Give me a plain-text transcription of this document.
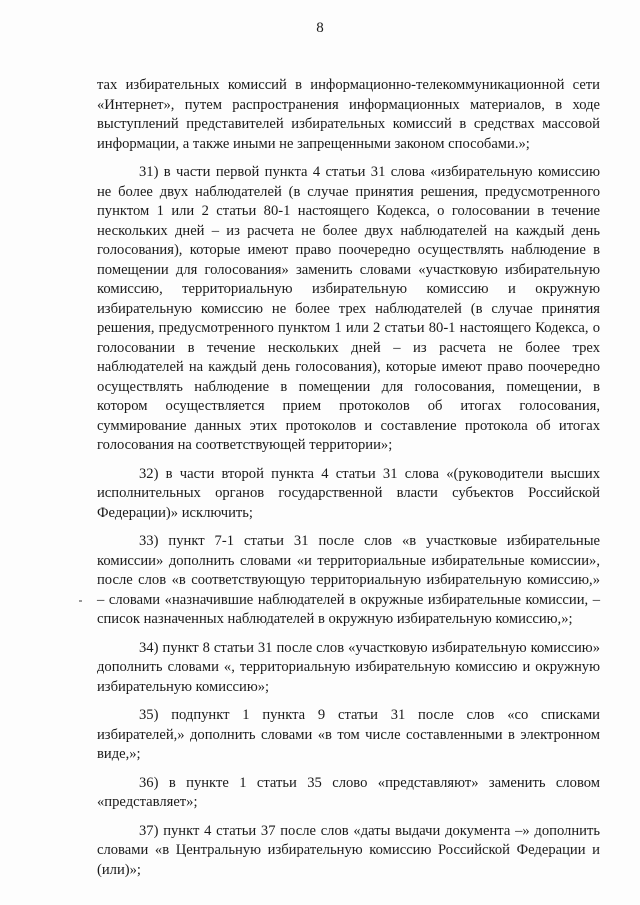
8

тах избирательных комиссий в информационно-телекоммуникационной сети «Интернет», путем распространения информационных материалов, в ходе выступлений представителей избирательных комиссий в средствах массовой информации, а также иными не запрещенными законом способами.»;

31) в части первой пункта 4 статьи 31 слова «избирательную комиссию не более двух наблюдателей (в случае принятия решения, предусмотренного пунктом 1 или 2 статьи 80-1 настоящего Кодекса, о голосовании в течение нескольких дней – из расчета не более двух наблюдателей на каждый день голосования), которые имеют право поочередно осуществлять наблюдение в помещении для голосования» заменить словами «участковую избирательную комиссию, территориальную избирательную комиссию и окружную избирательную комиссию не более трех наблюдателей (в случае принятия решения, предусмотренного пунктом 1 или 2 статьи 80-1 настоящего Кодекса, о голосовании в течение нескольких дней – из расчета не более трех наблюдателей на каждый день голосования), которые имеют право поочередно осуществлять наблюдение в помещении для голосования, помещении, в котором осуществляется прием протоколов об итогах голосования, суммирование данных этих протоколов и составление протокола об итогах голосования на соответствующей территории»;

32) в части второй пункта 4 статьи 31 слова «(руководители высших исполнительных органов государственной власти субъектов Российской Федерации)» исключить;

33) пункт 7-1 статьи 31 после слов «в участковые избирательные комиссии» дополнить словами «и территориальные избирательные комиссии», после слов «в соответствующую территориальную избирательную комиссию,» – словами «назначившие наблюдателей в окружные избирательные комиссии, – список назначенных наблюдателей в окружную избирательную комиссию,»;

34) пункт 8 статьи 31 после слов «участковую избирательную комиссию» дополнить словами «, территориальную избирательную комиссию и окружную избирательную комиссию»;

35) подпункт 1 пункта 9 статьи 31 после слов «со списками избирателей,» дополнить словами «в том числе составленными в электронном виде,»;

36) в пункте 1 статьи 35 слово «представляют» заменить словом «представляет»;

37) пункт 4 статьи 37 после слов «даты выдачи документа –» дополнить словами «в Центральную избирательную комиссию Российской Федерации и (или)»;
